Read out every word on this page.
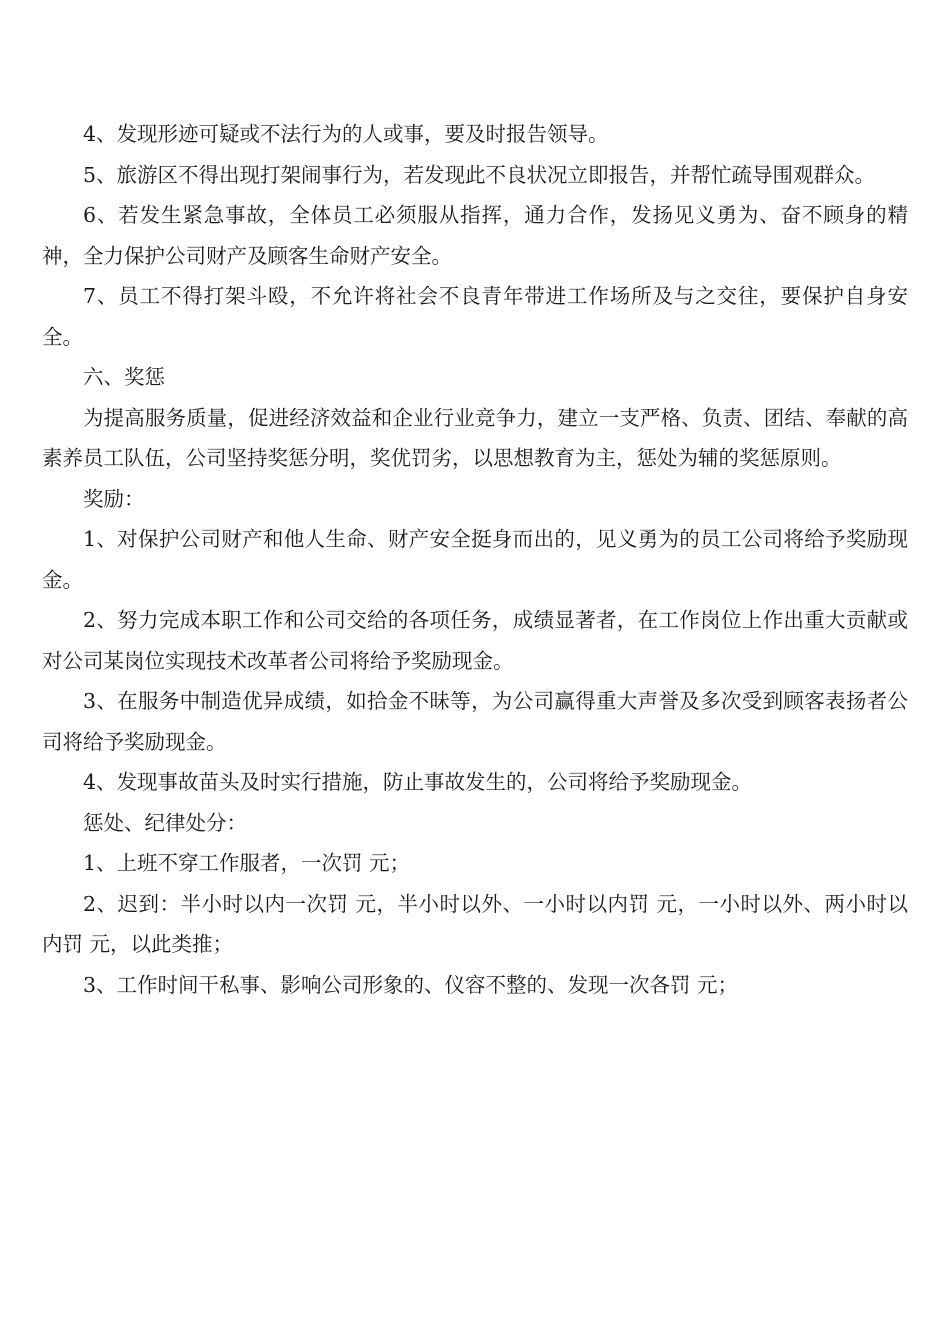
4、发现形迹可疑或不法行为的人或事，要及时报告领导。

5、旅游区不得出现打架闹事行为，若发现此不良状况立即报告，并帮忙疏导围观群众。

6、若发生紧急事故，全体员工必须服从指挥，通力合作，发扬见义勇为、奋不顾身的精神，全力保护公司财产及顾客生命财产安全。

7、员工不得打架斗殴，不允许将社会不良青年带进工作场所及与之交往，要保护自身安全。

六、奖惩

为提高服务质量，促进经济效益和企业行业竞争力，建立一支严格、负责、团结、奉献的高素养员工队伍，公司坚持奖惩分明，奖优罚劣，以思想教育为主，惩处为辅的奖惩原则。

奖励：

1、对保护公司财产和他人生命、财产安全挺身而出的，见义勇为的员工公司将给予奖励现金。

2、努力完成本职工作和公司交给的各项任务，成绩显著者，在工作岗位上作出重大贡献或对公司某岗位实现技术改革者公司将给予奖励现金。

3、在服务中制造优异成绩，如拾金不昧等，为公司赢得重大声誉及多次受到顾客表扬者公司将给予奖励现金。

4、发现事故苗头及时实行措施，防止事故发生的，公司将给予奖励现金。

惩处、纪律处分：

1、上班不穿工作服者，一次罚 元；

2、迟到：半小时以内一次罚 元，半小时以外、一小时以内罚 元，一小时以外、两小时以内罚 元，以此类推；

3、工作时间干私事、影响公司形象的、仪容不整的、发现一次各罚 元；
